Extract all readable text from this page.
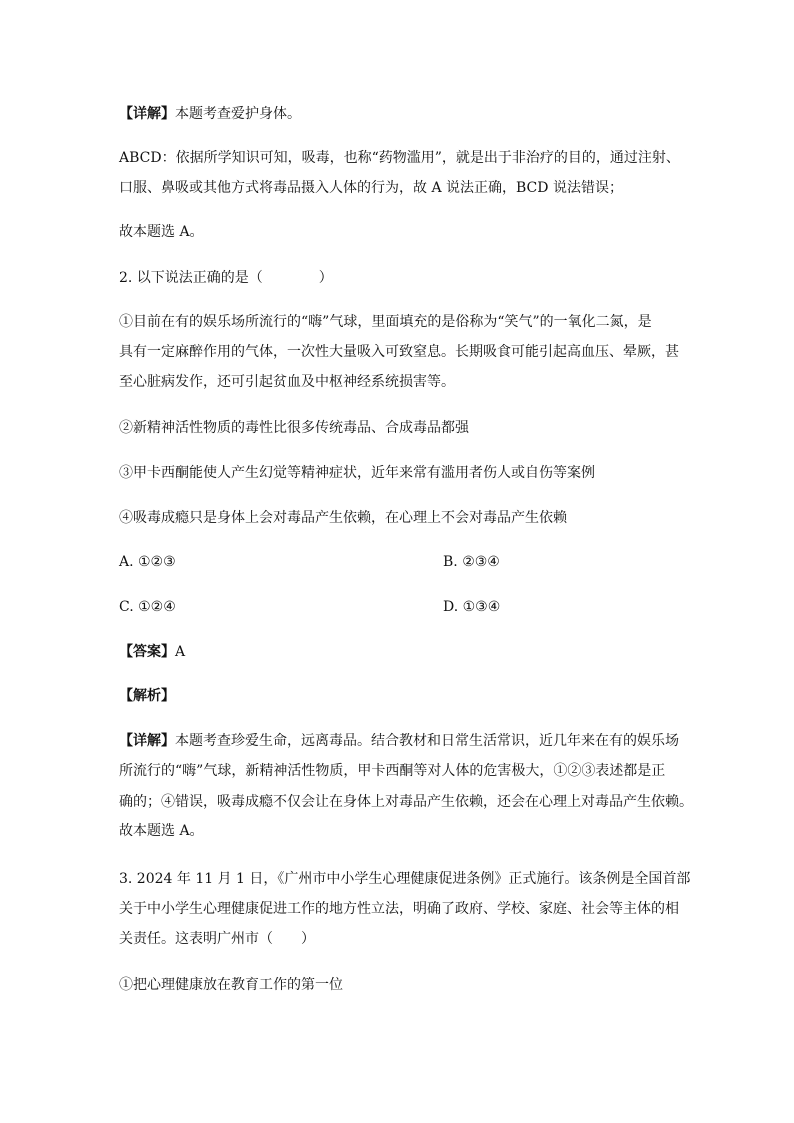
【详解】本题考查爱护身体。
ABCD：依据所学知识可知，吸毒，也称“药物滥用”，就是出于非治疗的目的，通过注射、
口服、鼻吸或其他方式将毒品摄入人体的行为，故 A 说法正确，BCD 说法错误；
故本题选 A。
2. 以下说法正确的是（　　　　）
①目前在有的娱乐场所流行的“嗨”气球，里面填充的是俗称为“笑气”的一氧化二氮，是
具有一定麻醉作用的气体，一次性大量吸入可致窒息。长期吸食可能引起高血压、晕厥，甚
至心脏病发作，还可引起贫血及中枢神经系统损害等。
②新精神活性物质的毒性比很多传统毒品、合成毒品都强
③甲卡西酮能使人产生幻觉等精神症状，近年来常有滥用者伤人或自伤等案例
④吸毒成瘾只是身体上会对毒品产生依赖，在心理上不会对毒品产生依赖
A. ①②③	B. ②③④
C. ①②④	D. ①③④
【答案】A
【解析】
【详解】本题考查珍爱生命，远离毒品。结合教材和日常生活常识，近几年来在有的娱乐场
所流行的“嗨”气球，新精神活性物质，甲卡西酮等对人体的危害极大，①②③表述都是正
确的；④错误，吸毒成瘾不仅会让在身体上对毒品产生依赖，还会在心理上对毒品产生依赖。
故本题选 A。
3. 2024 年 11 月 1 日，《广州市中小学生心理健康促进条例》正式施行。该条例是全国首部
关于中小学生心理健康促进工作的地方性立法，明确了政府、学校、家庭、社会等主体的相
关责任。这表明广州市（　　）
①把心理健康放在教育工作的第一位
